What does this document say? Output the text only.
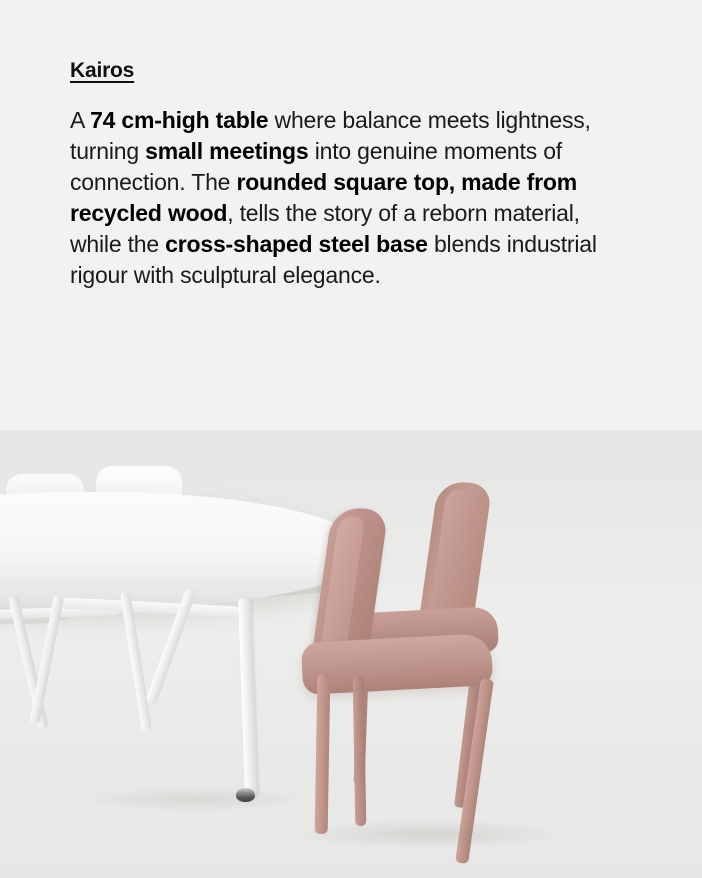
Kairos

A 74 cm-high table where balance meets lightness, turning small meetings into genuine moments of connection. The rounded square top, made from recycled wood, tells the story of a reborn material, while the cross-shaped steel base blends industrial rigour with sculptural elegance.
